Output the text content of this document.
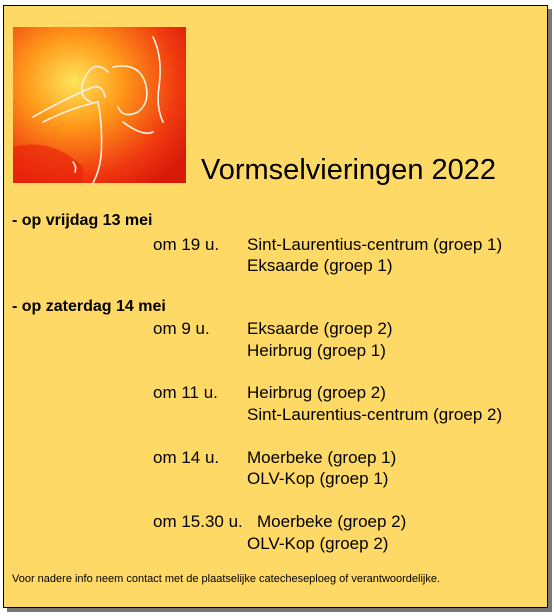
Vormselvieringen 2022
- op vrijdag 13 mei
om 19 u. Sint-Laurentius-centrum (groep 1)
Eksaarde (groep 1)
- op zaterdag 14 mei
om 9 u. Eksaarde (groep 2)
Heirbrug (groep 1)
om 11 u. Heirbrug (groep 2)
Sint-Laurentius-centrum (groep 2)
om 14 u. Moerbeke (groep 1)
OLV-Kop (groep 1)
om 15.30 u. Moerbeke (groep 2)
OLV-Kop (groep 2)
Voor nadere info neem contact met de plaatselijke catecheseploeg of verantwoordelijke.
